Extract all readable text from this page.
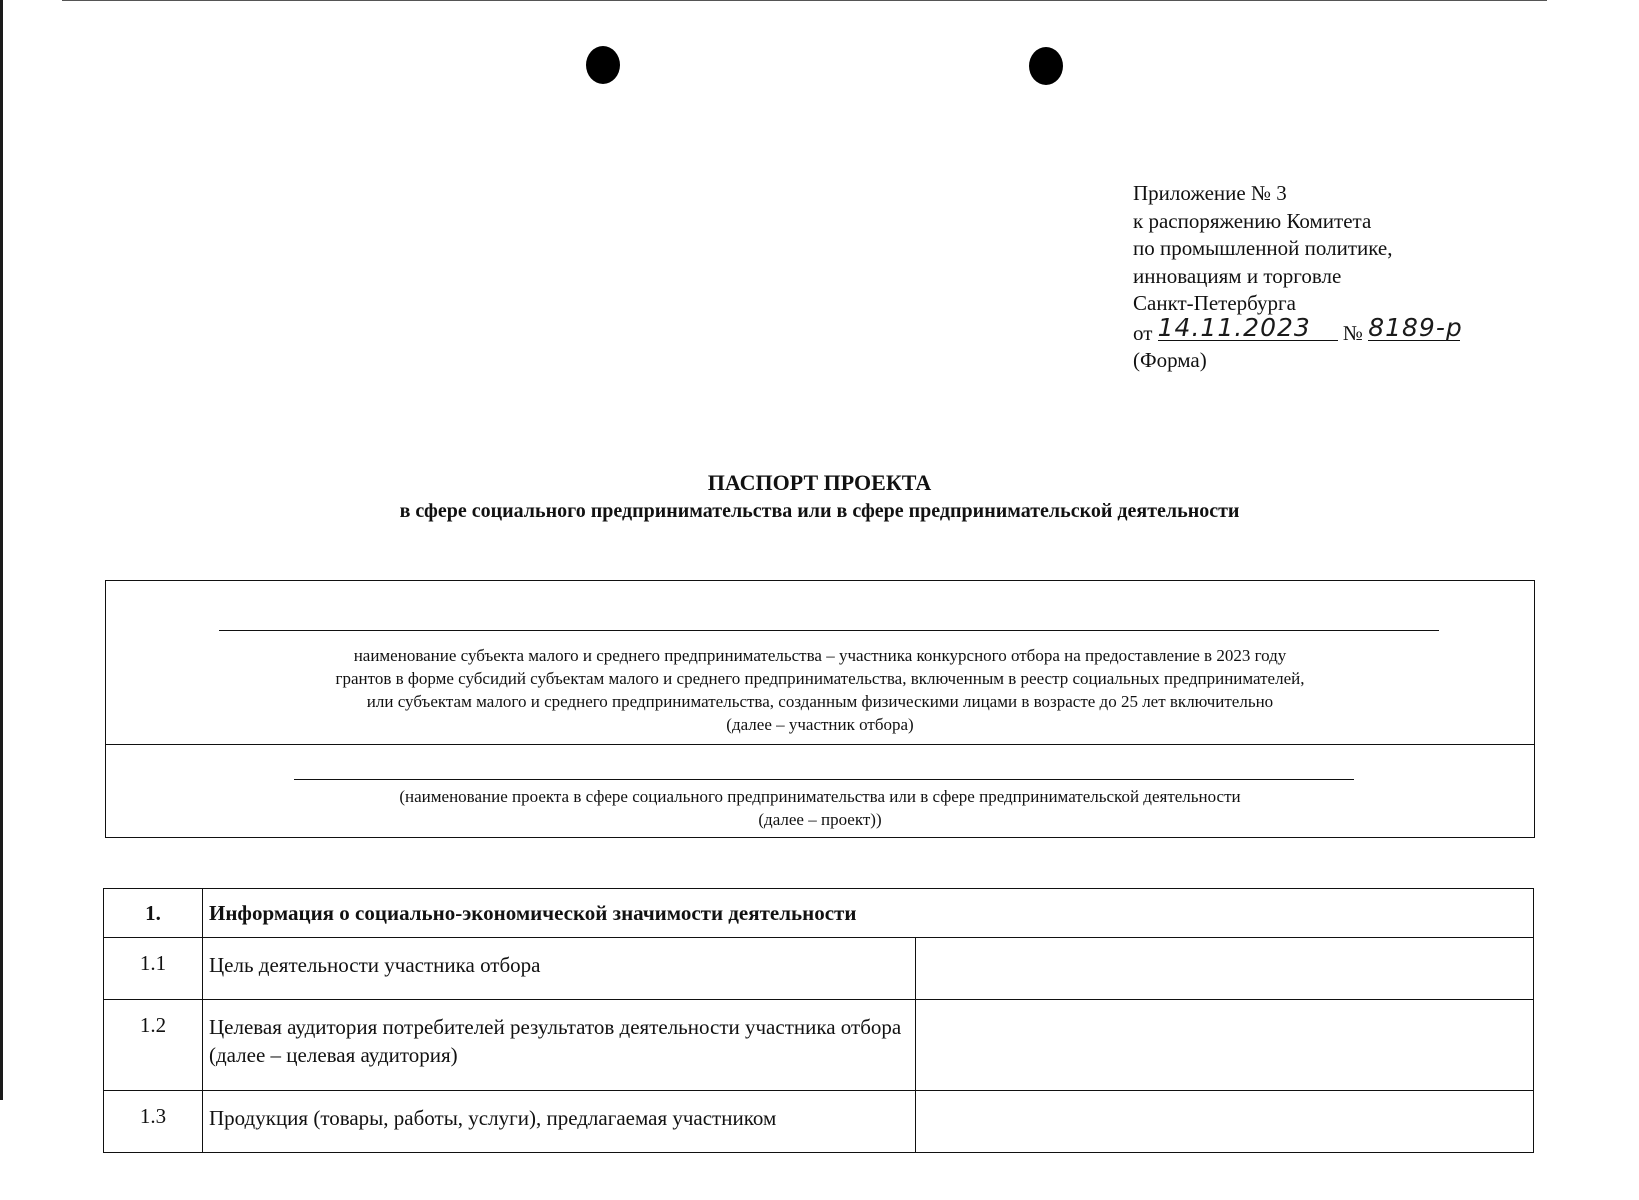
Приложение № 3
к распоряжению Комитета
по промышленной политике,
инновациям и торговле
Санкт-Петербурга
от 14.11.2023 № 8189-р
(Форма)
ПАСПОРТ ПРОЕКТА
в сфере социального предпринимательства или в сфере предпринимательской деятельности
наименование субъекта малого и среднего предпринимательства – участника конкурсного отбора на предоставление в 2023 году
грантов в форме субсидий субъектам малого и среднего предпринимательства, включенным в реестр социальных предпринимателей,
или субъектам малого и среднего предпринимательства, созданным физическими лицами в возрасте до 25 лет включительно
(далее – участник отбора)
(наименование проекта в сфере социального предпринимательства или в сфере предпринимательской деятельности
(далее – проект))
1.	Информация о социально-экономической значимости деятельности	
1.1	Цель деятельности участника отбора	
1.2	Целевая аудитория потребителей результатов деятельности участника отбора (далее – целевая аудитория)	
1.3	Продукция (товары, работы, услуги), предлагаемая участником	
